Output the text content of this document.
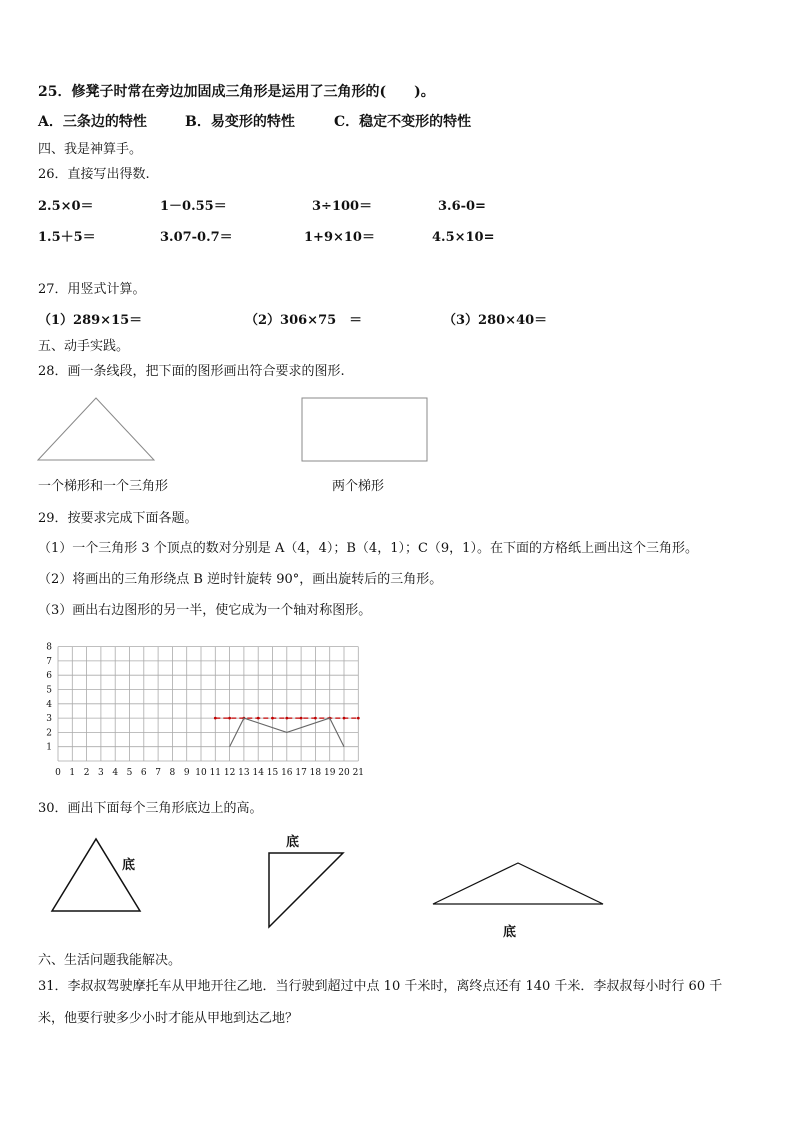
25．修凳子时常在旁边加固成三角形是运用了三角形的(　　)。
A．三条边的特性	B．易变形的特性	C．稳定不变形的特性
四、我是神算手。
26．直接写出得数.
2.5×0＝	1－0.55＝	3÷100＝	3.6-0=
1.5＋5＝	3.07-0.7＝	1+9×10＝	4.5×10=
27．用竖式计算。
（1）289×15＝	（2）306×75　＝	（3）280×40＝
五、动手实践。
28．画一条线段，把下面的图形画出符合要求的图形.
一个梯形和一个三角形	两个梯形
29．按要求完成下面各题。
（1）一个三角形 3 个顶点的数对分别是 A（4，4）；B（4，1）；C（9，1）。在下面的方格纸上画出这个三角形。
（2）将画出的三角形绕点 B 逆时针旋转 90°，画出旋转后的三角形。
（3）画出右边图形的另一半，使它成为一个轴对称图形。
0 1 2 3 4 5 6 7 8 9 10 11 12 13 14 15 16 17 18 19 20 21
1
2
3
4
5
6
7
8
30．画出下面每个三角形底边上的高。
底
底
底
六、生活问题我能解决。
31．李叔叔驾驶摩托车从甲地开往乙地．当行驶到超过中点 10 千米时，离终点还有 140 千米．李叔叔每小时行 60 千
米，他要行驶多少小时才能从甲地到达乙地？
